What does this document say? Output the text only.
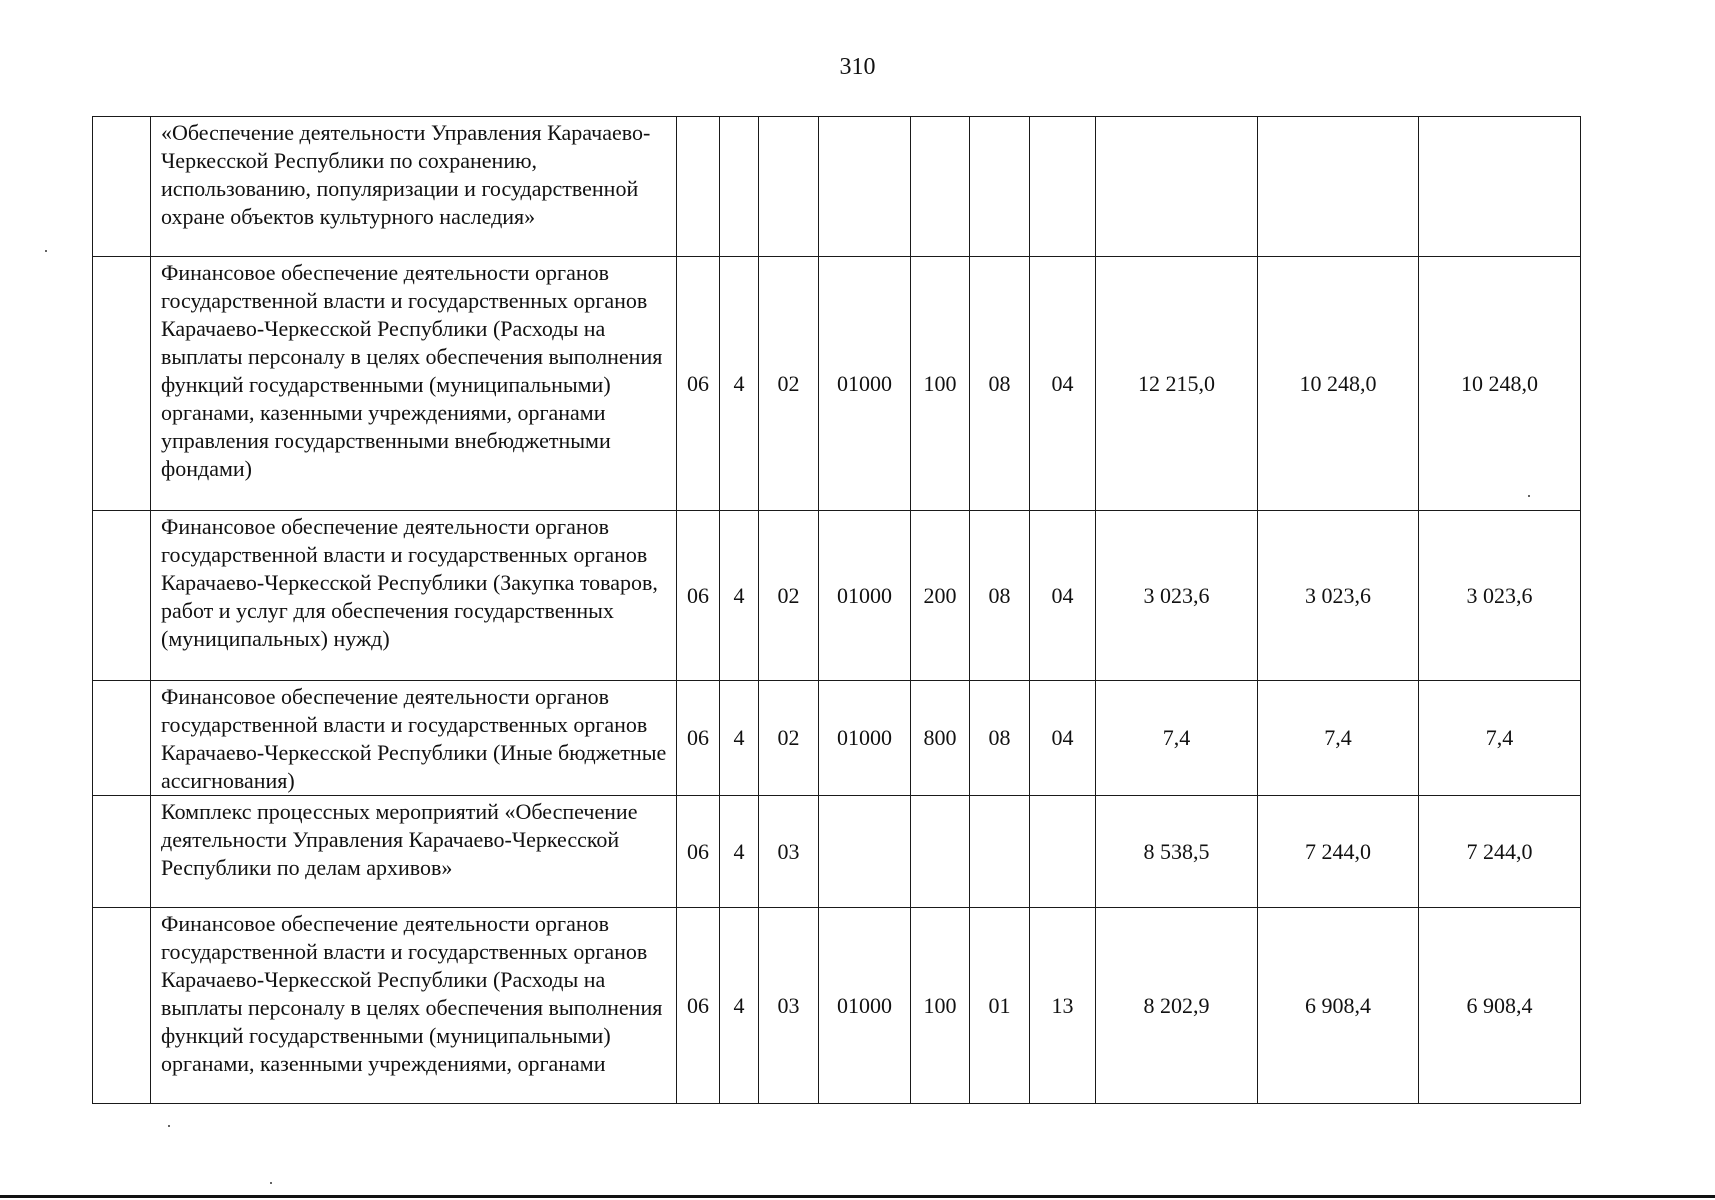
310
	«Обеспечение деятельности Управления Карачаево-Черкесской Республики по сохранению, использованию, популяризации и государственной охране объектов культурного наследия»										
	Финансовое обеспечение деятельности органов государственной власти и государственных органов Карачаево-Черкесской Республики (Расходы на выплаты персоналу в целях обеспечения выполнения функций государственными (муниципальными) органами, казенными учреждениями, органами управления государственными внебюджетными фондами)	06	4	02	01000	100	08	04	12 215,0	10 248,0	10 248,0
	Финансовое обеспечение деятельности органов государственной власти и государственных органов Карачаево-Черкесской Республики (Закупка товаров, работ и услуг для обеспечения государственных (муниципальных) нужд)	06	4	02	01000	200	08	04	3 023,6	3 023,6	3 023,6
	Финансовое обеспечение деятельности органов государственной власти и государственных органов Карачаево-Черкесской Республики (Иные бюджетные ассигнования)	06	4	02	01000	800	08	04	7,4	7,4	7,4
	Комплекс процессных мероприятий «Обеспечение деятельности Управления Карачаево-Черкесской Республики по делам архивов»	06	4	03					8 538,5	7 244,0	7 244,0
	Финансовое обеспечение деятельности органов государственной власти и государственных органов Карачаево-Черкесской Республики (Расходы на выплаты персоналу в целях обеспечения выполнения функций государственными (муниципальными) органами, казенными учреждениями, органами	06	4	03	01000	100	01	13	8 202,9	6 908,4	6 908,4
